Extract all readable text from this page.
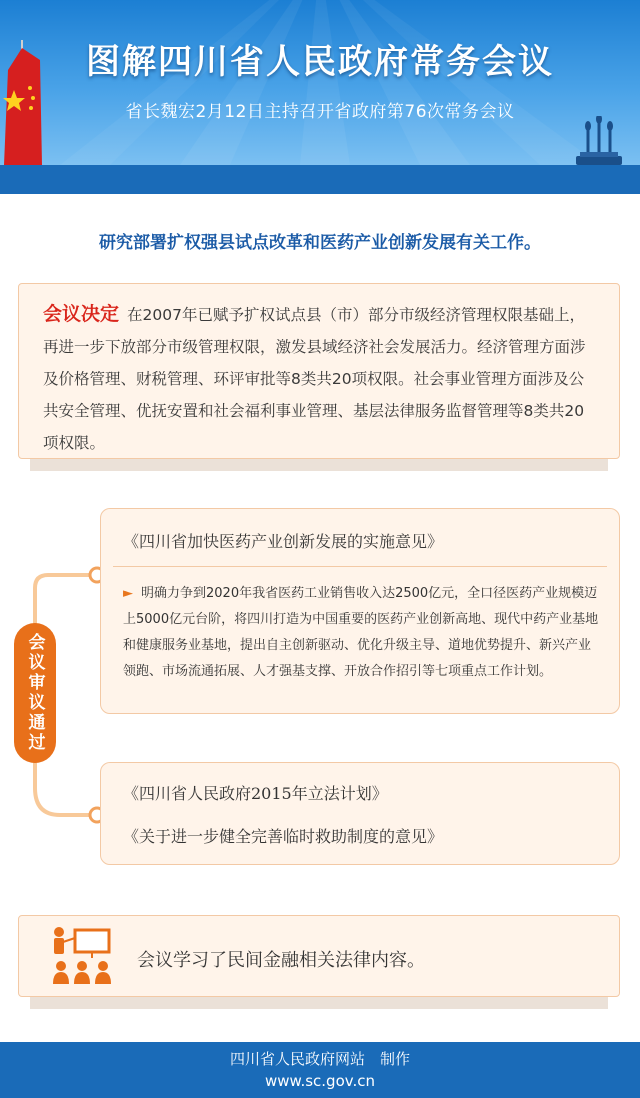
图解四川省人民政府常务会议
省长魏宏2月12日主持召开省政府第76次常务会议
研究部署扩权强县试点改革和医药产业创新发展有关工作。

会议决定 在2007年已赋予扩权试点县（市）部分市级经济管理权限基础上，再进一步下放部分市级管理权限，激发县域经济社会发展活力。经济管理方面涉及价格管理、财税管理、环评审批等8类共20项权限。社会事业管理方面涉及公共安全管理、优抚安置和社会福利事业管理、基层法律服务监督管理等8类共20项权限。

会议审议通过
《四川省加快医药产业创新发展的实施意见》
► 明确力争到2020年我省医药工业销售收入达2500亿元，全口径医药产业规模迈上5000亿元台阶，将四川打造为中国重要的医药产业创新高地、现代中药产业基地和健康服务业基地，提出自主创新驱动、优化升级主导、道地优势提升、新兴产业领跑、市场流通拓展、人才强基支撑、开放合作招引等七项重点工作计划。
《四川省人民政府2015年立法计划》
《关于进一步健全完善临时救助制度的意见》
会议学习了民间金融相关法律内容。
四川省人民政府网站　制作
www.sc.gov.cn
